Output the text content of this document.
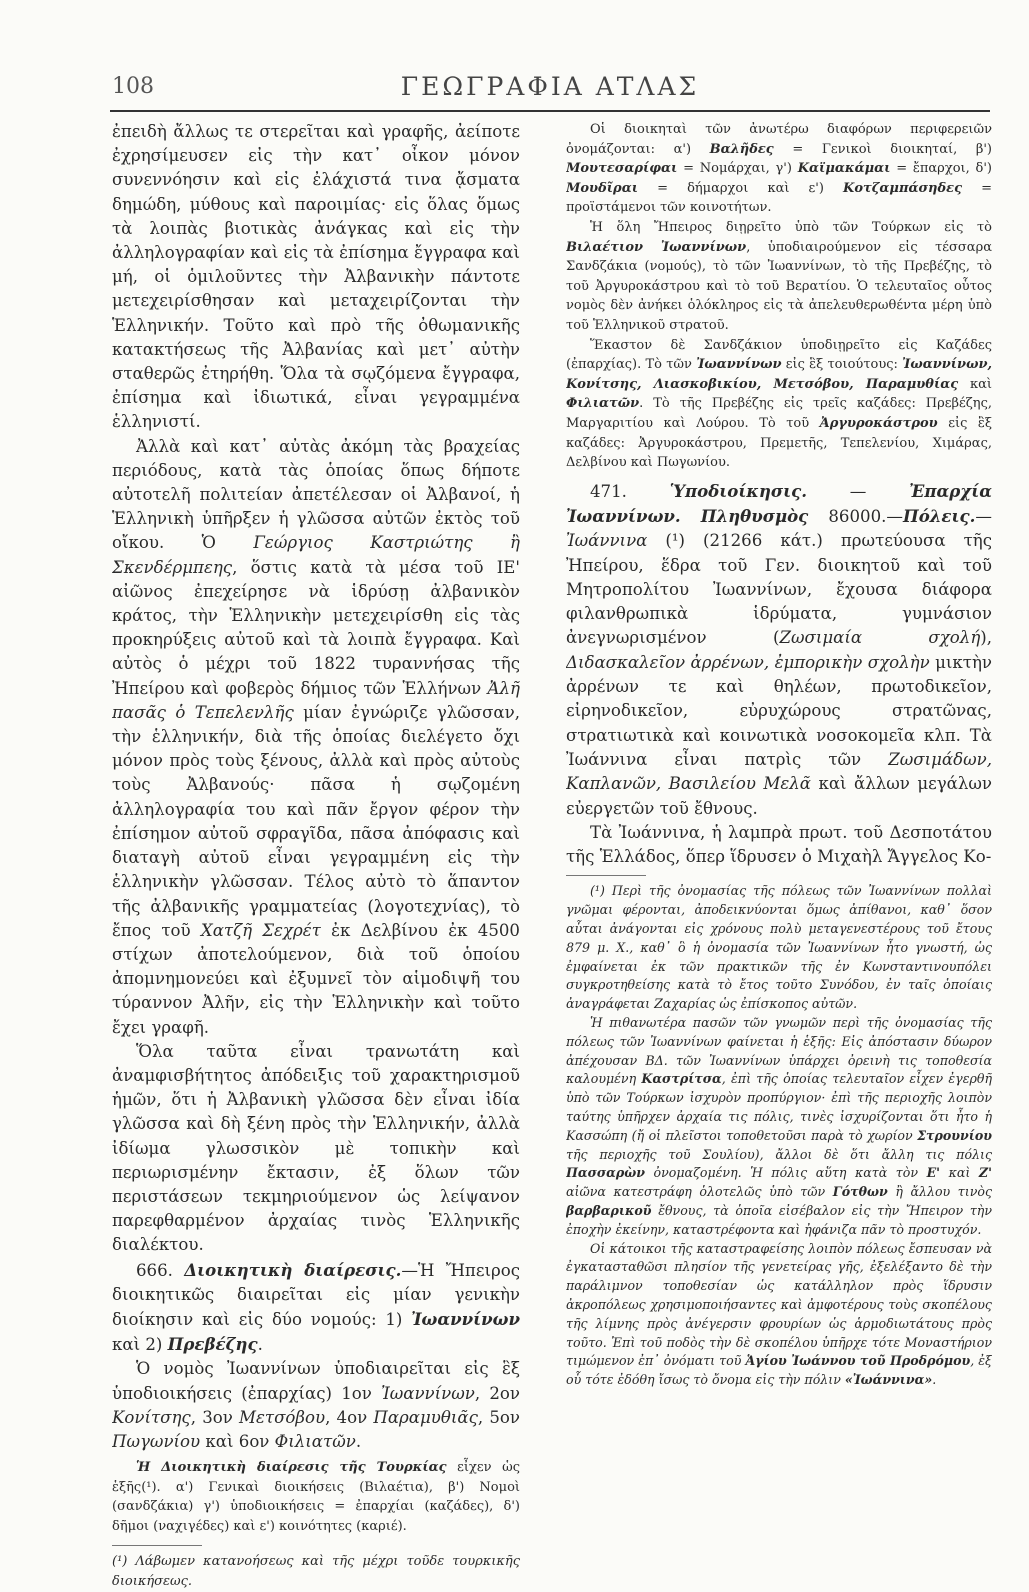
108	ΓΕΩΓΡΑΦΙΑ ΑΤΛΑΣ

ἐπειδὴ ἄλλως τε στερεῖται καὶ γραφῆς, ἀείποτε ἐχρησίμευσεν εἰς τὴν κατ᾿ οἶκον μόνον συνεννόησιν καὶ εἰς ἐλάχιστά τινα ᾄσματα δημώδη, μύθους καὶ παροιμίας· εἰς ὅλας ὅμως τὰ λοιπὰς βιοτικὰς ἀνάγκας καὶ εἰς τὴν ἀλληλογραφίαν καὶ εἰς τὰ ἐπίσημα ἔγγραφα καὶ μή, οἱ ὁμιλοῦντες τὴν Ἀλβανικὴν πάντοτε μετεχειρίσθησαν καὶ μεταχειρίζονται τὴν Ἑλληνικήν. Τοῦτο καὶ πρὸ τῆς ὀθωμανικῆς κατακτήσεως τῆς Ἀλβανίας καὶ μετ᾿ αὐτὴν σταθερῶς ἐτηρήθη. Ὅλα τὰ σῳζόμενα ἔγγραφα, ἐπίσημα καὶ ἰδιωτικά, εἶναι γεγραμμένα ἑλληνιστί.

Ἀλλὰ καὶ κατ᾿ αὐτὰς ἀκόμη τὰς βραχείας περιόδους, κατὰ τὰς ὁποίας ὅπως δήποτε αὐτοτελῆ πολιτείαν ἀπετέλεσαν οἱ Ἀλβανοί, ἡ Ἑλληνικὴ ὑπῆρξεν ἡ γλῶσσα αὐτῶν ἐκτὸς τοῦ οἴκου. Ὁ Γεώργιος Καστριώτης ἢ Σκενδέρμπεης, ὅστις κατὰ τὰ μέσα τοῦ ΙΕ' αἰῶνος ἐπεχείρησε νὰ ἱδρύσῃ ἀλβανικὸν κράτος, τὴν Ἑλληνικὴν μετεχειρίσθη εἰς τὰς προκηρύξεις αὐτοῦ καὶ τὰ λοιπὰ ἔγγραφα. Καὶ αὐτὸς ὁ μέχρι τοῦ 1822 τυραννήσας τῆς Ἠπείρου καὶ φοβερὸς δήμιος τῶν Ἑλλήνων Ἀλῆ πασᾶς ὁ Τεπελενλῆς μίαν ἐγνώριζε γλῶσσαν, τὴν ἑλληνικήν, διὰ τῆς ὁποίας διελέγετο ὄχι μόνον πρὸς τοὺς ξένους, ἀλλὰ καὶ πρὸς αὐτοὺς τοὺς Ἀλβανούς· πᾶσα ἡ σῳζομένη ἀλληλογραφία του καὶ πᾶν ἔργον φέρον τὴν ἐπίσημον αὐτοῦ σφραγῖδα, πᾶσα ἀπόφασις καὶ διαταγὴ αὐτοῦ εἶναι γεγραμμένη εἰς τὴν ἑλληνικὴν γλῶσσαν. Τέλος αὐτὸ τὸ ἅπαντον τῆς ἀλβανικῆς γραμματείας (λογοτεχνίας), τὸ ἔπος τοῦ Χατζῆ Σεχρέτ ἐκ Δελβίνου ἐκ 4500 στίχων ἀποτελούμενον, διὰ τοῦ ὁποίου ἀπομνημονεύει καὶ ἐξυμνεῖ τὸν αἱμοδιψῆ του τύραννον Ἀλῆν, εἰς τὴν Ἑλληνικὴν καὶ τοῦτο ἔχει γραφῆ.

Ὅλα ταῦτα εἶναι τρανωτάτη καὶ ἀναμφισβήτητος ἀπόδειξις τοῦ χαρακτηρισμοῦ ἡμῶν, ὅτι ἡ Ἀλβανικὴ γλῶσσα δὲν εἶναι ἰδία γλῶσσα καὶ δὴ ξένη πρὸς τὴν Ἑλληνικήν, ἀλλὰ ἰδίωμα γλωσσικὸν μὲ τοπικὴν καὶ περιωρισμένην ἔκτασιν, ἐξ ὅλων τῶν περιστάσεων τεκμηριούμενον ὡς λείψανον παρεφθαρμένον ἀρχαίας τινὸς Ἑλληνικῆς διαλέκτου.

666. Διοικητικὴ διαίρεσις.—Ἡ Ἤπειρος διοικητικῶς διαιρεῖται εἰς μίαν γενικὴν διοίκησιν καὶ εἰς δύο νομούς: 1) Ἰωαννίνων καὶ 2) Πρεβέζης.

Ὁ νομὸς Ἰωαννίνων ὑποδιαιρεῖται εἰς ἓξ ὑποδιοικήσεις (ἐπαρχίας) 1ον Ἰωαννίνων, 2ον Κονίτσης, 3ον Μετσόβου, 4ον Παραμυθιᾶς, 5ον Πωγωνίου καὶ 6ον Φιλιατῶν.

Ἡ Διοικητικὴ διαίρεσις τῆς Τουρκίας εἶχεν ὡς ἑξῆς(¹). α') Γενικαὶ διοικήσεις (Βιλαέτια), β') Νομοὶ (σανδζάκια) γ') ὑποδιοικήσεις = ἐπαρχίαι (καζάδες), δ') δῆμοι (ναχιγέδες) καὶ ε') κοινότητες (καριέ).

(¹) Λάβωμεν κατανοήσεως καὶ τῆς μέχρι τοῦδε τουρκικῆς διοικήσεως.

Οἱ διοικηταὶ τῶν ἀνωτέρω διαφόρων περιφερειῶν ὀνομάζονται: α') Βαλῆδες = Γενικοὶ διοικηταί, β') Μουτεσαρίφαι = Νομάρχαι, γ') Καϊμακάμαι = ἔπαρχοι, δ') Μουδῖραι = δήμαρχοι καὶ ε') Κοτζαμπάσηδες = προϊστάμενοι τῶν κοινοτήτων.

Ἡ ὅλη Ἤπειρος διῃρεῖτο ὑπὸ τῶν Τούρκων εἰς τὸ Βιλαέτιον Ἰωαννίνων, ὑποδιαιρούμενον εἰς τέσσαρα Σανδζάκια (νομούς), τὸ τῶν Ἰωαννίνων, τὸ τῆς Πρεβέζης, τὸ τοῦ Ἀργυροκάστρου καὶ τὸ τοῦ Βερατίου. Ὁ τελευταῖος οὗτος νομὸς δὲν ἀνήκει ὁλόκληρος εἰς τὰ ἀπελευθερωθέντα μέρη ὑπὸ τοῦ Ἑλληνικοῦ στρατοῦ.

Ἕκαστον δὲ Σανδζάκιον ὑποδιῃρεῖτο εἰς Καζάδες (ἐπαρχίας). Τὸ τῶν Ἰωαννίνων εἰς ἓξ τοιούτους: Ἰωαννίνων, Κονίτσης, Λιασκοβικίου, Μετσόβου, Παραμυθίας καὶ Φιλιατῶν. Τὸ τῆς Πρεβέζης εἰς τρεῖς καζάδες: Πρεβέζης, Μαργαριτίου καὶ Λούρου. Τὸ τοῦ Ἀργυροκάστρου εἰς ἓξ καζάδες: Ἀργυροκάστρου, Πρεμετῆς, Τεπελενίου, Χιμάρας, Δελβίνου καὶ Πωγωνίου.

471.	Ὑποδιοίκησις. — Ἐπαρχία Ἰωαννίνων. Πληθυσμὸς 86000.—Πόλεις.—Ἰωάννινα (¹) (21266 κάτ.) πρωτεύουσα τῆς Ἠπείρου, ἕδρα τοῦ Γεν. διοικητοῦ καὶ τοῦ Μητροπολίτου Ἰωαννίνων, ἔχουσα διάφορα φιλανθρωπικὰ ἱδρύματα, γυμνάσιον ἀνεγνωρισμένον (Ζωσιμαία σχολή), Διδασκαλεῖον ἀρρένων, ἐμπορικὴν σχολὴν μικτὴν ἀρρένων τε καὶ θηλέων, πρωτοδικεῖον, εἰρηνοδικεῖον, εὐρυχώρους στρατῶνας, στρατιωτικὰ καὶ κοινωτικὰ νοσοκομεῖα κλπ. Τὰ Ἰωάννινα εἶναι πατρὶς τῶν Ζωσιμάδων, Καπλανῶν, Βασιλείου Μελᾶ καὶ ἄλλων μεγάλων εὐεργετῶν τοῦ ἔθνους.

Τὰ Ἰωάννινα, ἡ λαμπρὰ πρωτ. τοῦ Δεσποτάτου τῆς Ἑλλάδος, ὅπερ ἵδρυσεν ὁ Μιχαὴλ Ἄγγελος Κο-

(¹) Περὶ τῆς ὀνομασίας τῆς πόλεως τῶν Ἰωαννίνων πολλαὶ γνῶμαι φέρονται, ἀποδεικνύονται ὅμως ἀπίθανοι, καθ᾿ ὅσον αὗται ἀνάγονται εἰς χρόνους πολὺ μεταγενεστέρους τοῦ ἔτους 879 μ. Χ., καθ᾿ ὃ ἡ ὀνομασία τῶν Ἰωαννίνων ἦτο γνωστή, ὡς ἐμφαίνεται ἐκ τῶν πρακτικῶν τῆς ἐν Κωνσταντινουπόλει συγκροτηθείσης κατὰ τὸ ἔτος τοῦτο Συνόδου, ἐν ταῖς ὁποίαις ἀναγράφεται Ζαχαρίας ὡς ἐπίσκοπος αὐτῶν.

Ἡ πιθανωτέρα πασῶν τῶν γνωμῶν περὶ τῆς ὀνομασίας τῆς πόλεως τῶν Ἰωαννίνων φαίνεται ἡ ἑξῆς: Εἰς ἀπόστασιν δύωρον ἀπέχουσαν ΒΔ. τῶν Ἰωαννίνων ὑπάρχει ὀρεινὴ τις τοποθεσία καλουμένη Καστρίτσα, ἐπὶ τῆς ὁποίας τελευταῖον εἶχεν ἐγερθῆ ὑπὸ τῶν Τούρκων ἰσχυρὸν προπύργιον· ἐπὶ τῆς περιοχῆς λοιπὸν ταύτης ὑπῆρχεν ἀρχαία τις πόλις, τινὲς ἰσχυρίζονται ὅτι ἦτο ἡ Κασσώπη (ἤ οἱ πλεῖστοι τοποθετοῦσι παρὰ τὸ χωρίον Στρουνίου τῆς περιοχῆς τοῦ Σουλίου), ἄλλοι δὲ ὅτι ἄλλη τις πόλις Πασσαρὼν ὀνομαζομένη. Ἡ πόλις αὕτη κατὰ τὸν Ε' καὶ Ζ' αἰῶνα κατεστράφη ὁλοτελῶς ὑπὸ τῶν Γότθων ἢ ἄλλου τινὸς βαρβαρικοῦ ἔθνους, τὰ ὁποῖα εἰσέβαλον εἰς τὴν Ἤπειρον τὴν ἐποχὴν ἐκείνην, καταστρέφοντα καὶ ἠφάνιζα πᾶν τὸ προστυχόν.

Οἱ κάτοικοι τῆς καταστραφείσης λοιπὸν πόλεως ἔσπευσαν νὰ ἐγκατασταθῶσι πλησίον τῆς γενετείρας γῆς, ἐξελέξαντο δὲ τὴν παράλιμνον τοποθεσίαν ὡς κατάλληλον πρὸς ἵδρυσιν ἀκροπόλεως χρησιμοποιήσαντες καὶ ἀμφοτέρους τοὺς σκοπέλους τῆς λίμνης πρὸς ἀνέγερσιν φρουρίων ὡς ἁρμοδιωτάτους πρὸς τοῦτο. Ἐπὶ τοῦ ποδὸς τὴν δὲ σκοπέλου ὑπῆρχε τότε Μοναστήριον τιμώμενον ἐπ᾿ ὀνόματι τοῦ Ἁγίου Ἰωάννου τοῦ Προδρόμου, ἐξ οὗ τότε ἐδόθη ἴσως τὸ ὄνομα εἰς τὴν πόλιν «Ἰωάννινα».
